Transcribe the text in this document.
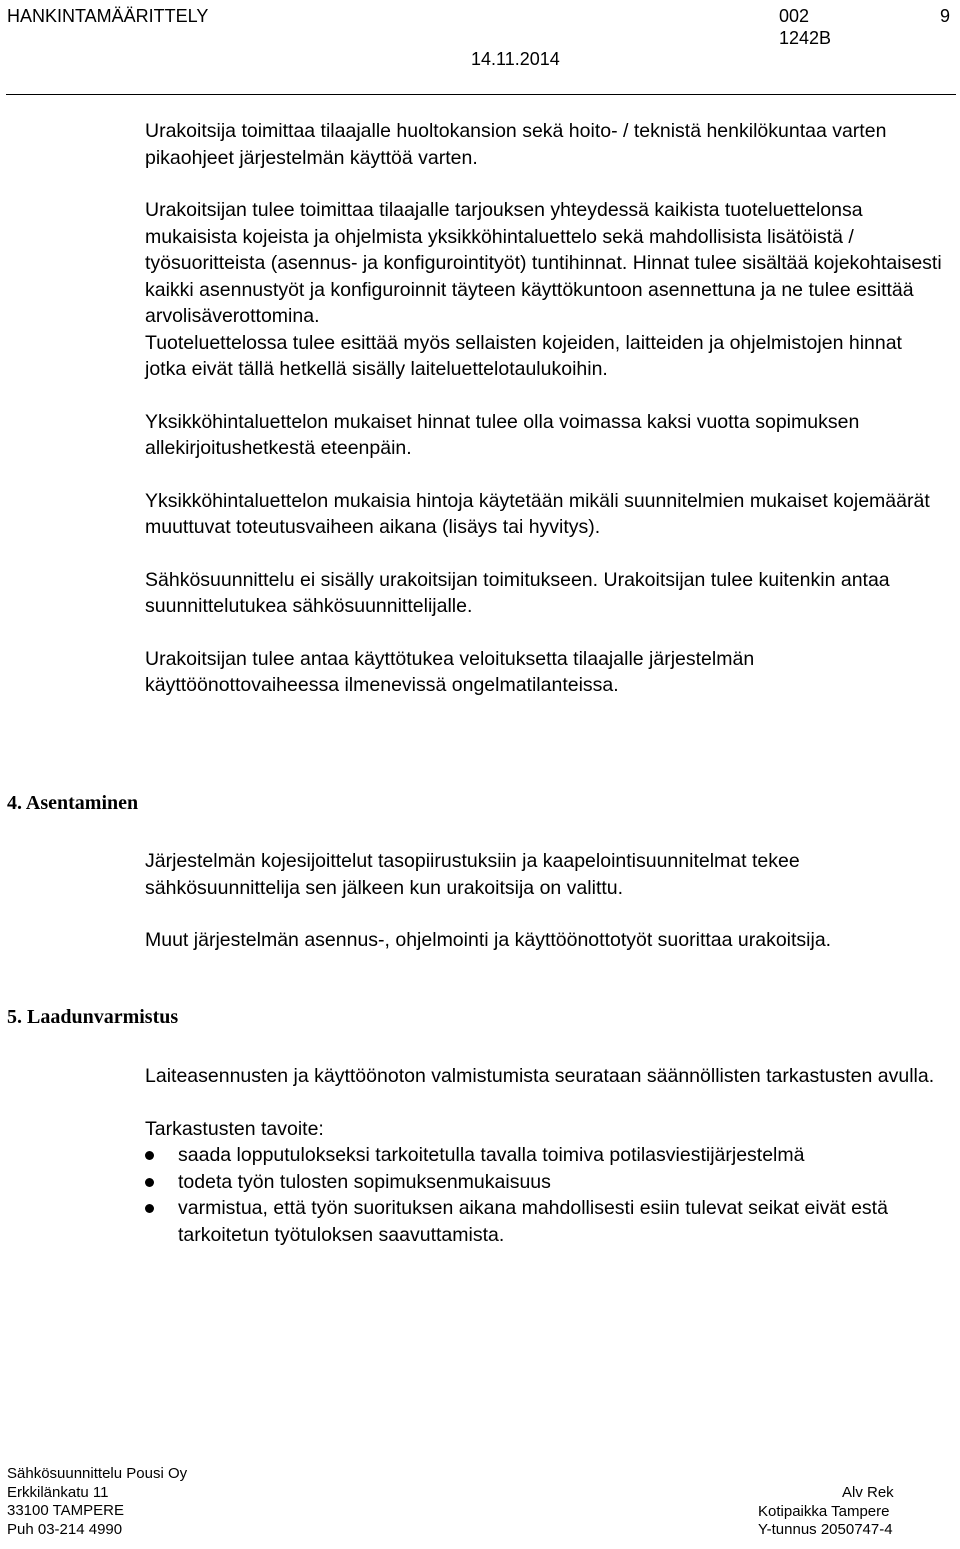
HANKINTAMÄÄRITTELY
14.11.2014
002
1242B
9

Urakoitsija toimittaa tilaajalle huoltokansion sekä hoito- / teknistä henkilökuntaa varten pikaohjeet järjestelmän käyttöä varten.

Urakoitsijan tulee toimittaa tilaajalle tarjouksen yhteydessä kaikista tuoteluettelonsa mukaisista kojeista ja ohjelmista yksikköhintaluettelo sekä mahdollisista lisätöistä / työsuoritteista (asennus- ja konfigurointityöt) tuntihinnat. Hinnat tulee sisältää kojekohtaisesti kaikki asennustyöt ja konfiguroinnit täyteen käyttökuntoon asennettuna ja ne tulee esittää arvolisäverottomina.

Tuoteluettelossa tulee esittää myös sellaisten kojeiden, laitteiden ja ohjelmistojen hinnat jotka eivät tällä hetkellä sisälly laiteluettelotaulukoihin.

Yksikköhintaluettelon mukaiset hinnat tulee olla voimassa kaksi vuotta sopimuksen allekirjoitushetkestä eteenpäin.

Yksikköhintaluettelon mukaisia hintoja käytetään mikäli suunnitelmien mukaiset kojemäärät muuttuvat toteutusvaiheen aikana (lisäys tai hyvitys).

Sähkösuunnittelu ei sisälly urakoitsijan toimitukseen. Urakoitsijan tulee kuitenkin antaa suunnittelutukea sähkösuunnittelijalle.

Urakoitsijan tulee antaa käyttötukea veloituksetta tilaajalle järjestelmän käyttöönottovaiheessa ilmenevissä ongelmatilanteissa.

4. Asentaminen

Järjestelmän kojesijoittelut tasopiirustuksiin ja kaapelointisuunnitelmat tekee sähkösuunnittelija sen jälkeen kun urakoitsija on valittu.

Muut järjestelmän asennus-, ohjelmointi ja käyttöönottotyöt suorittaa urakoitsija.

5. Laadunvarmistus

Laiteasennusten ja käyttöönoton valmistumista seurataan säännöllisten tarkastusten avulla.

Tarkastusten tavoite:

saada lopputulokseksi tarkoitetulla tavalla toimiva potilasviestijärjestelmä
todeta työn tulosten sopimuksenmukaisuus
varmistua, että työn suorituksen aikana mahdollisesti esiin tulevat seikat eivät estä tarkoitetun työtuloksen saavuttamista.
Sähkösuunnittelu Pousi Oy
Erkkilänkatu 11
33100 TAMPERE
Puh 03-214 4990
Alv Rek
Kotipaikka Tampere
Y-tunnus 2050747-4
